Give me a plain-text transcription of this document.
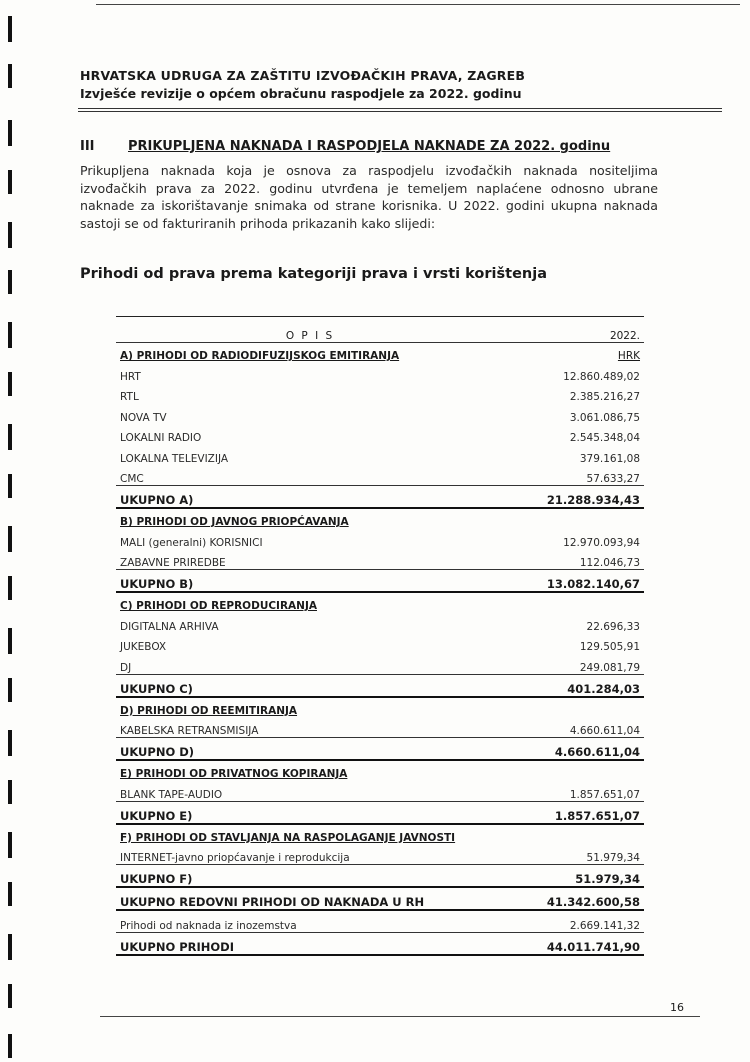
HRVATSKA UDRUGA ZA ZAŠTITU IZVOĐAČKIH PRAVA, ZAGREB
Izvješće revizije o općem obračunu raspodjele za 2022. godinu
III	PRIKUPLJENA NAKNADA I RASPODJELA NAKNADE ZA 2022. godinu
Prikupljena naknada koja je osnova za raspodjelu izvođačkih naknada nositeljima izvođačkih prava za 2022. godinu utvrđena je temeljem naplaćene odnosno ubrane naknade za iskorištavanje snimaka od strane korisnika. U 2022. godini ukupna naknada sastoji se od fakturiranih prihoda prikazanih kako slijedi:
Prihodi od prava prema kategoriji prava i vrsti korištenja
O P I S	2022.
A) PRIHODI OD RADIODIFUZIJSKOG EMITIRANJA	HRK
HRT	12.860.489,02
RTL	2.385.216,27
NOVA TV	3.061.086,75
LOKALNI RADIO	2.545.348,04
LOKALNA TELEVIZIJA	379.161,08
CMC	57.633,27
UKUPNO A)	21.288.934,43
B) PRIHODI OD JAVNOG PRIOPĆAVANJA
MALI (generalni) KORISNICI	12.970.093,94
ZABAVNE PRIREDBE	112.046,73
UKUPNO B)	13.082.140,67
C) PRIHODI OD REPRODUCIRANJA
DIGITALNA ARHIVA	22.696,33
JUKEBOX	129.505,91
DJ	249.081,79
UKUPNO C)	401.284,03
D) PRIHODI OD REEMITIRANJA
KABELSKA RETRANSMISIJA	4.660.611,04
UKUPNO D)	4.660.611,04
E) PRIHODI OD PRIVATNOG KOPIRANJA
BLANK TAPE-AUDIO	1.857.651,07
UKUPNO E)	1.857.651,07
F) PRIHODI OD STAVLJANJA NA RASPOLAGANJE JAVNOSTI
INTERNET-javno priopćavanje i reprodukcija	51.979,34
UKUPNO F)	51.979,34
UKUPNO REDOVNI PRIHODI OD NAKNADA U RH	41.342.600,58
Prihodi od naknada iz inozemstva	2.669.141,32
UKUPNO PRIHODI	44.011.741,90
16
